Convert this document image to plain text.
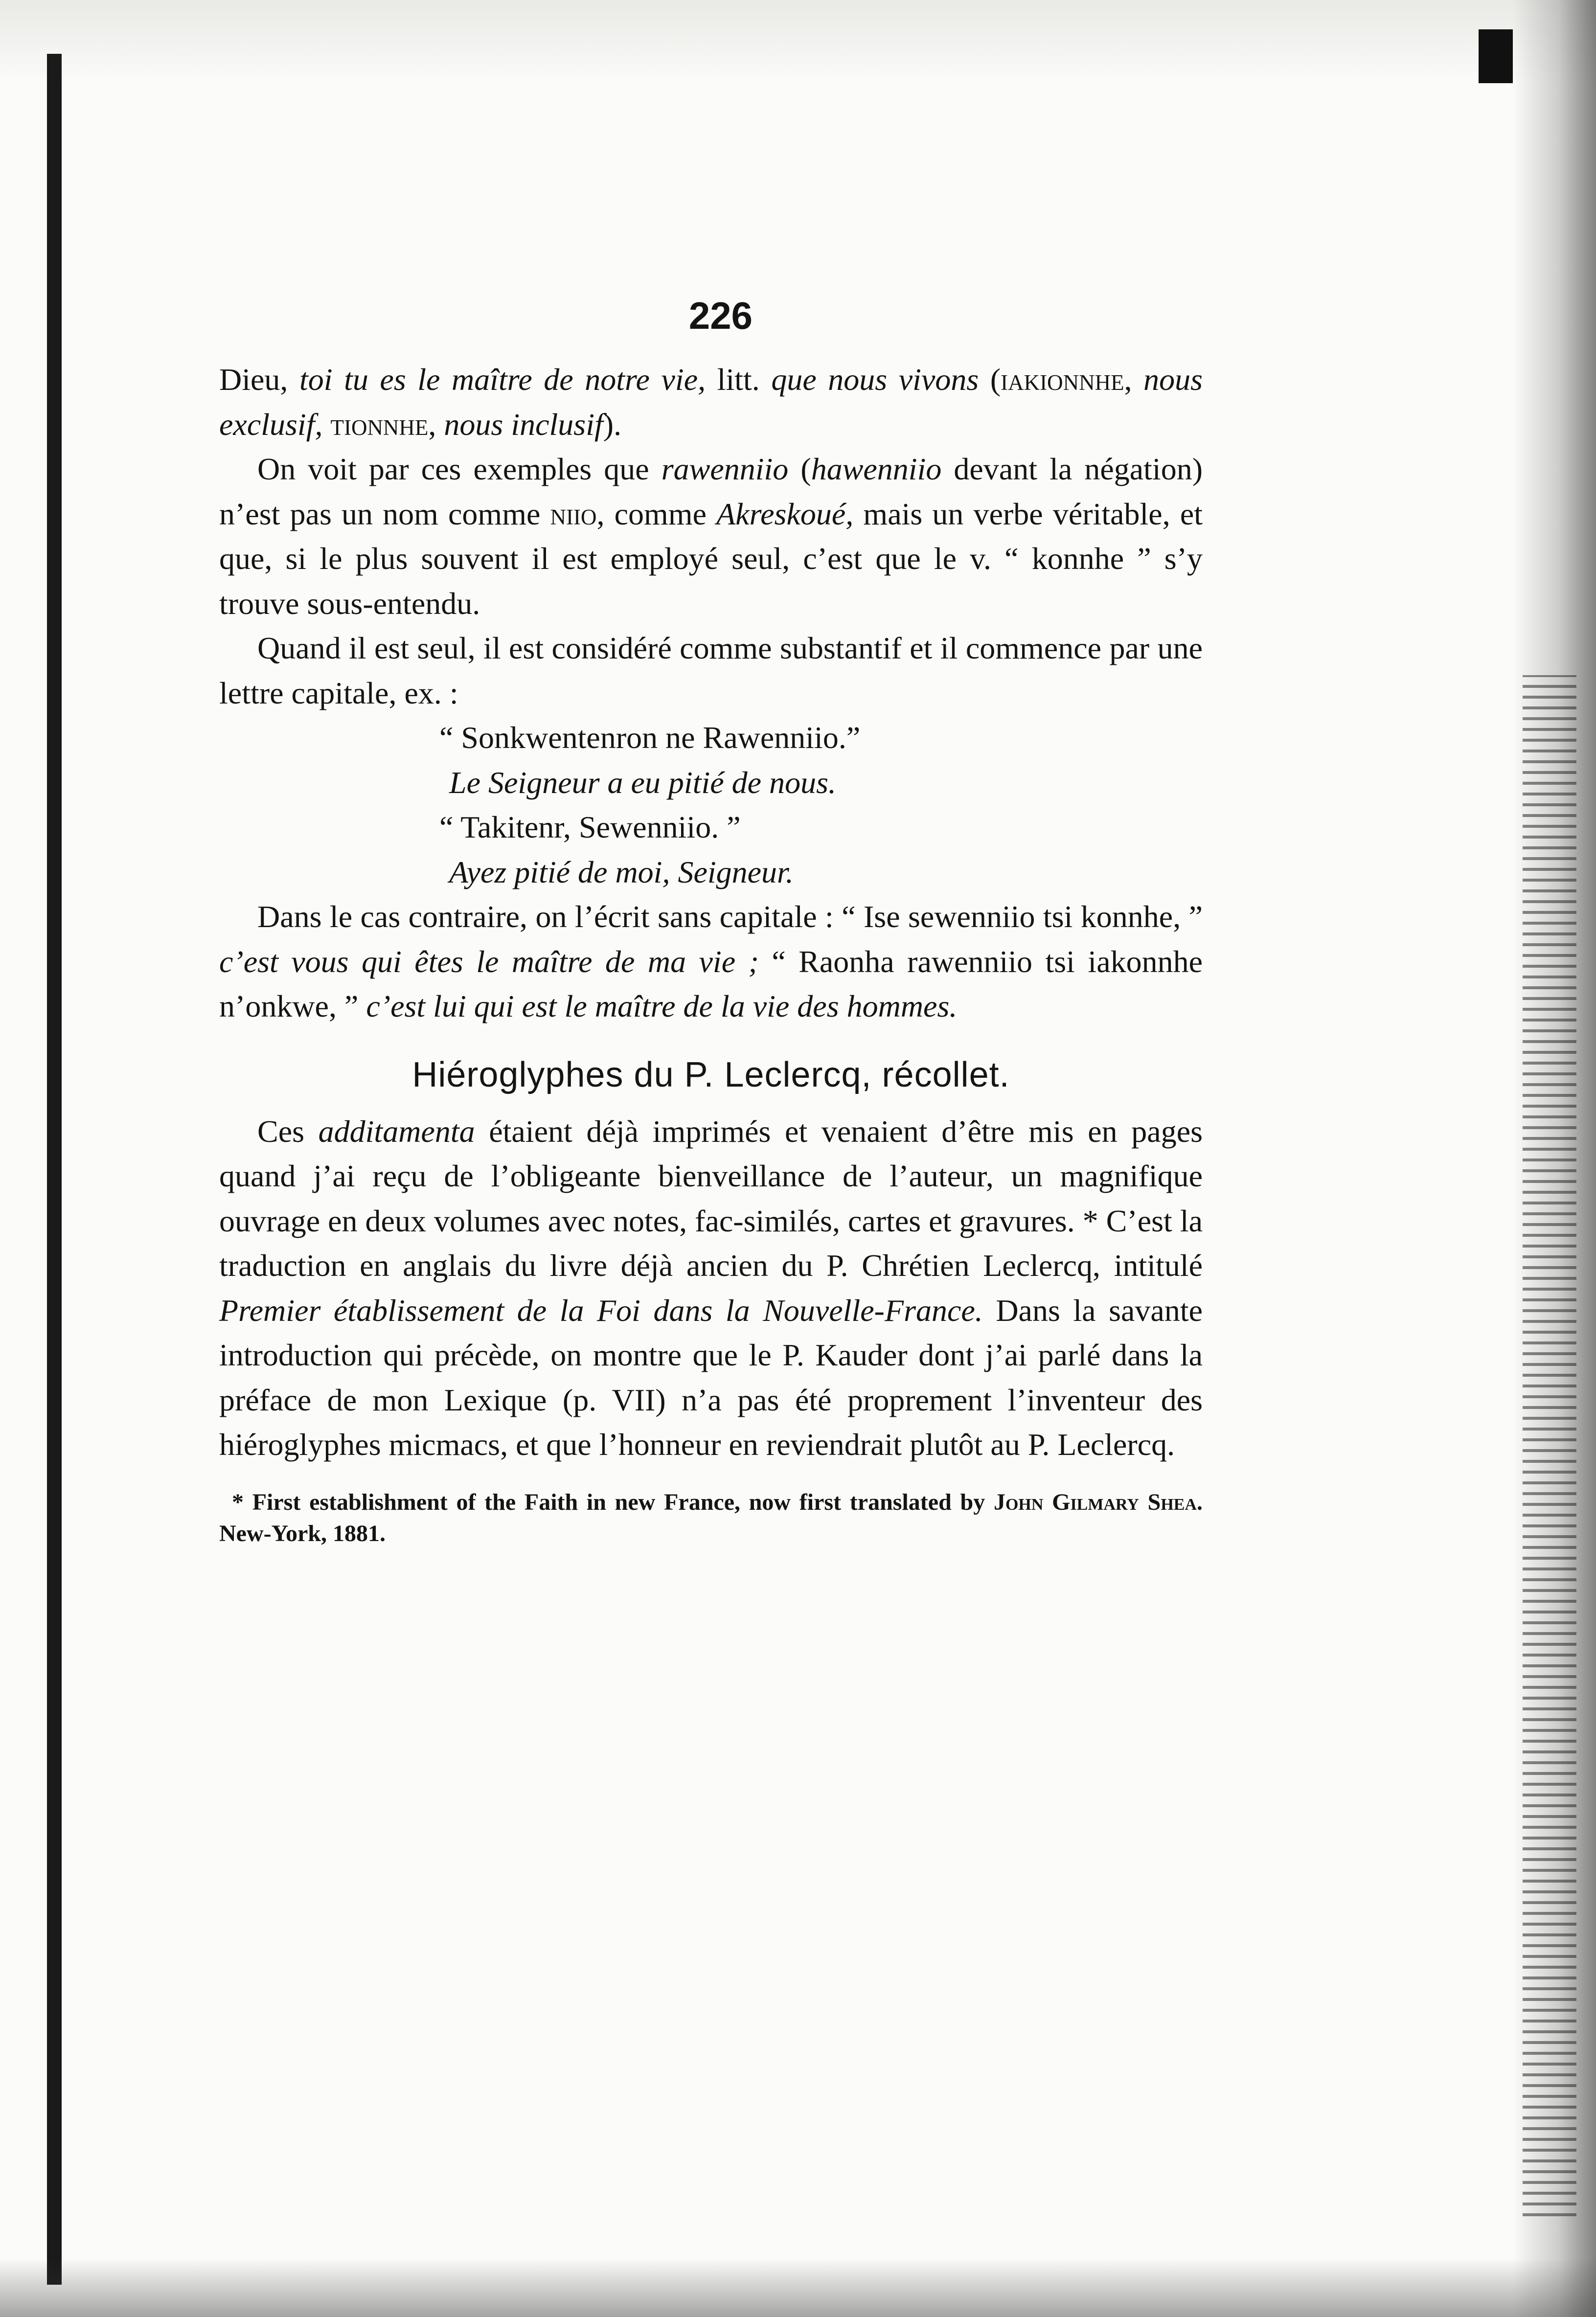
226

Dieu, toi tu es le maître de notre vie, litt. que nous vivons (iakionnhe, nous exclusif, tionnhe, nous inclusif).

On voit par ces exemples que rawenniio (hawenniio devant la négation) n’est pas un nom comme niio, comme Akreskoué, mais un verbe véritable, et que, si le plus souvent il est employé seul, c’est que le v. “ konnhe ” s’y trouve sous-entendu.

Quand il est seul, il est considéré comme substantif et il commence par une lettre capitale, ex. :

“ Sonkwentenron ne Rawenniio.”

Le Seigneur a eu pitié de nous.

“ Takitenr, Sewenniio. ”

Ayez pitié de moi, Seigneur.

Dans le cas contraire, on l’écrit sans capitale : “ Ise sewenniio tsi konnhe, ” c’est vous qui êtes le maître de ma vie ; “ Raonha rawenniio tsi iakonnhe n’onkwe, ” c’est lui qui est le maître de la vie des hommes.

Hiéroglyphes du P. Leclercq, récollet.

Ces additamenta étaient déjà imprimés et venaient d’être mis en pages quand j’ai reçu de l’obligeante bienveillance de l’auteur, un magnifique ouvrage en deux volumes avec notes, fac-similés, cartes et gravures. * C’est la traduction en anglais du livre déjà ancien du P. Chrétien Leclercq, intitulé Premier établissement de la Foi dans la Nouvelle-France. Dans la savante introduction qui précède, on montre que le P. Kauder dont j’ai parlé dans la préface de mon Lexique (p. VII) n’a pas été proprement l’inventeur des hiéroglyphes micmacs, et que l’honneur en reviendrait plutôt au P. Leclercq.

* First establishment of the Faith in new France, now first translated by John Gilmary Shea. New-York, 1881.
